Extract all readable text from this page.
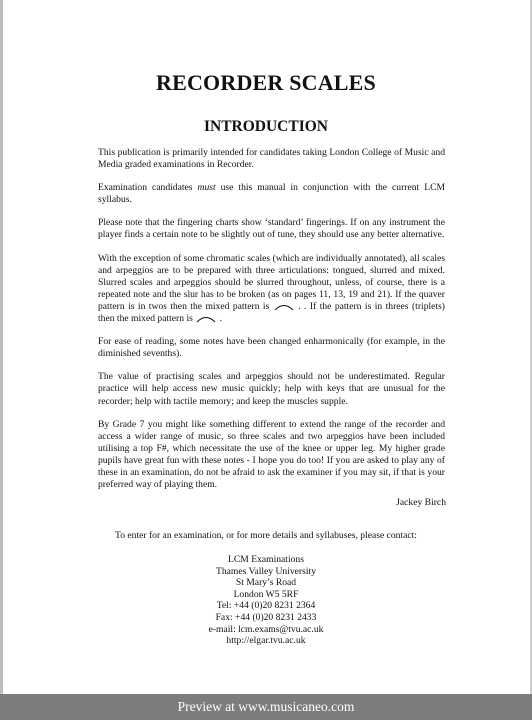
RECORDER SCALES
INTRODUCTION

This publication is primarily intended for candidates taking London College of Music and Media graded examinations in Recorder.

Examination candidates must use this manual in conjunction with the current LCM syllabus.

Please note that the fingering charts show ‘standard’ fingerings. If on any instrument the player finds a certain note to be slightly out of tune, they should use any better alternative.

With the exception of some chromatic scales (which are individually annotated), all scales and arpeggios are to be prepared with three articulations: tongued, slurred and mixed. Slurred scales and arpeggios should be slurred throughout, unless, of course, there is a repeated note and the slur has to be broken (as on pages 11, 13, 19 and 21). If the quaver pattern is in twos then the mixed pattern is	. . If the pattern is in threes (triplets) then the mixed pattern is	.

For ease of reading, some notes have been changed enharmonically (for example, in the diminished sevenths).

The value of practising scales and arpeggios should not be underestimated. Regular practice will help access new music quickly; help with keys that are unusual for the recorder; help with tactile memory; and keep the muscles supple.

By Grade 7 you might like something different to extend the range of the recorder and access a wider range of music, so three scales and two arpeggios have been included utilising a top F#, which necessitate the use of the knee or upper leg. My higher grade pupils have great fun with these notes - I hope you do too! If you are asked to play any of these in an examination, do not be afraid to ask the examiner if you may sit, if that is your preferred way of playing them.

Jackey Birch
To enter for an examination, or for more details and syllabuses, please contact:
LCM Examinations
Thames Valley University
St Mary’s Road
London W5 5RF
Tel: +44 (0)20 8231 2364
Fax: +44 (0)20 8231 2433
e-mail: lcm.exams@tvu.ac.uk
http://elgar.tvu.ac.uk
Preview at www.musicaneo.com
